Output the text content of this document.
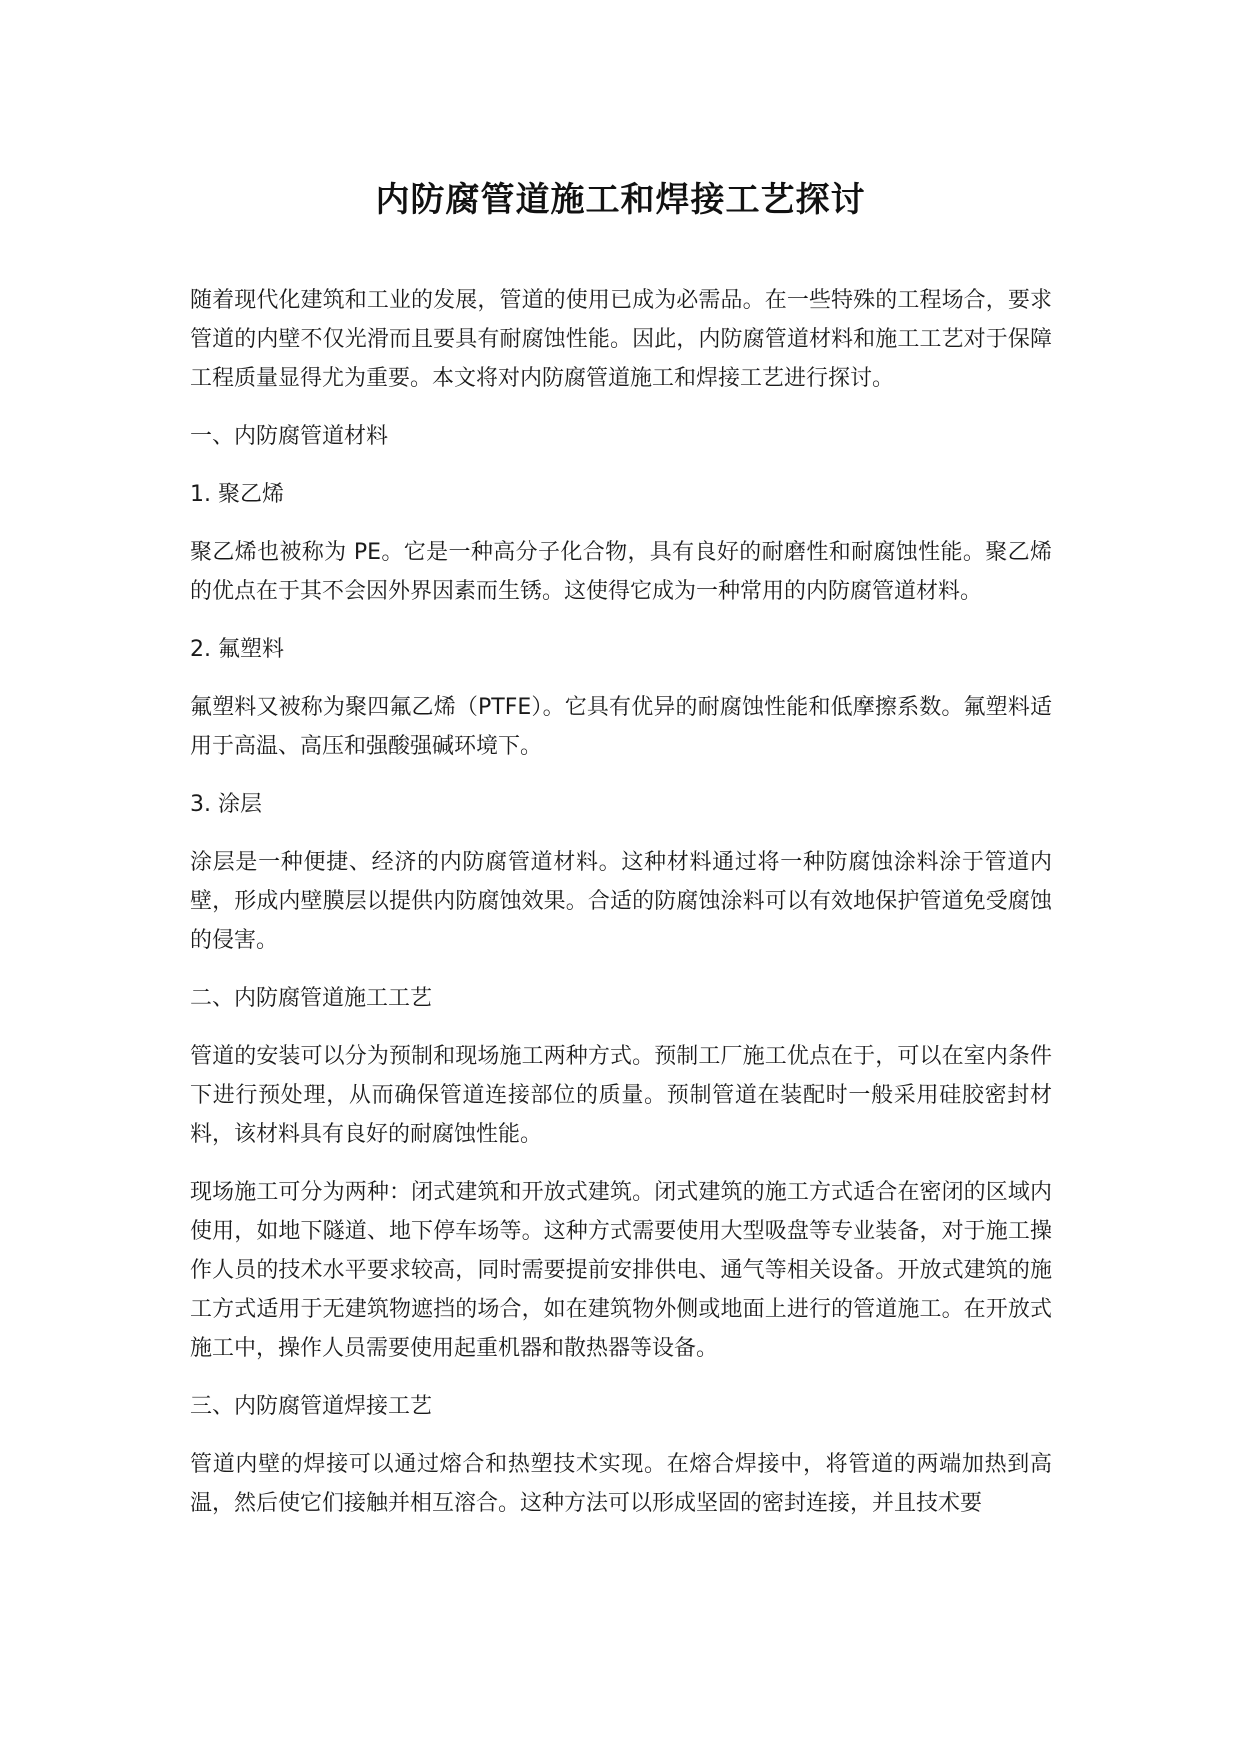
内防腐管道施工和焊接工艺探讨

随着现代化建筑和工业的发展，管道的使用已成为必需品。在一些特殊的工程场合，要求管道的内壁不仅光滑而且要具有耐腐蚀性能。因此，内防腐管道材料和施工工艺对于保障工程质量显得尤为重要。本文将对内防腐管道施工和焊接工艺进行探讨。

一、内防腐管道材料

1. 聚乙烯

聚乙烯也被称为 PE。它是一种高分子化合物，具有良好的耐磨性和耐腐蚀性能。聚乙烯的优点在于其不会因外界因素而生锈。这使得它成为一种常用的内防腐管道材料。

2. 氟塑料

氟塑料又被称为聚四氟乙烯（PTFE）。它具有优异的耐腐蚀性能和低摩擦系数。氟塑料适用于高温、高压和强酸强碱环境下。

3. 涂层

涂层是一种便捷、经济的内防腐管道材料。这种材料通过将一种防腐蚀涂料涂于管道内壁，形成内壁膜层以提供内防腐蚀效果。合适的防腐蚀涂料可以有效地保护管道免受腐蚀的侵害。

二、内防腐管道施工工艺

管道的安装可以分为预制和现场施工两种方式。预制工厂施工优点在于，可以在室内条件下进行预处理，从而确保管道连接部位的质量。预制管道在装配时一般采用硅胶密封材料，该材料具有良好的耐腐蚀性能。

现场施工可分为两种：闭式建筑和开放式建筑。闭式建筑的施工方式适合在密闭的区域内使用，如地下隧道、地下停车场等。这种方式需要使用大型吸盘等专业装备，对于施工操作人员的技术水平要求较高，同时需要提前安排供电、通气等相关设备。开放式建筑的施工方式适用于无建筑物遮挡的场合，如在建筑物外侧或地面上进行的管道施工。在开放式施工中，操作人员需要使用起重机器和散热器等设备。

三、内防腐管道焊接工艺

管道内壁的焊接可以通过熔合和热塑技术实现。在熔合焊接中，将管道的两端加热到高温，然后使它们接触并相互溶合。这种方法可以形成坚固的密封连接，并且技术要
